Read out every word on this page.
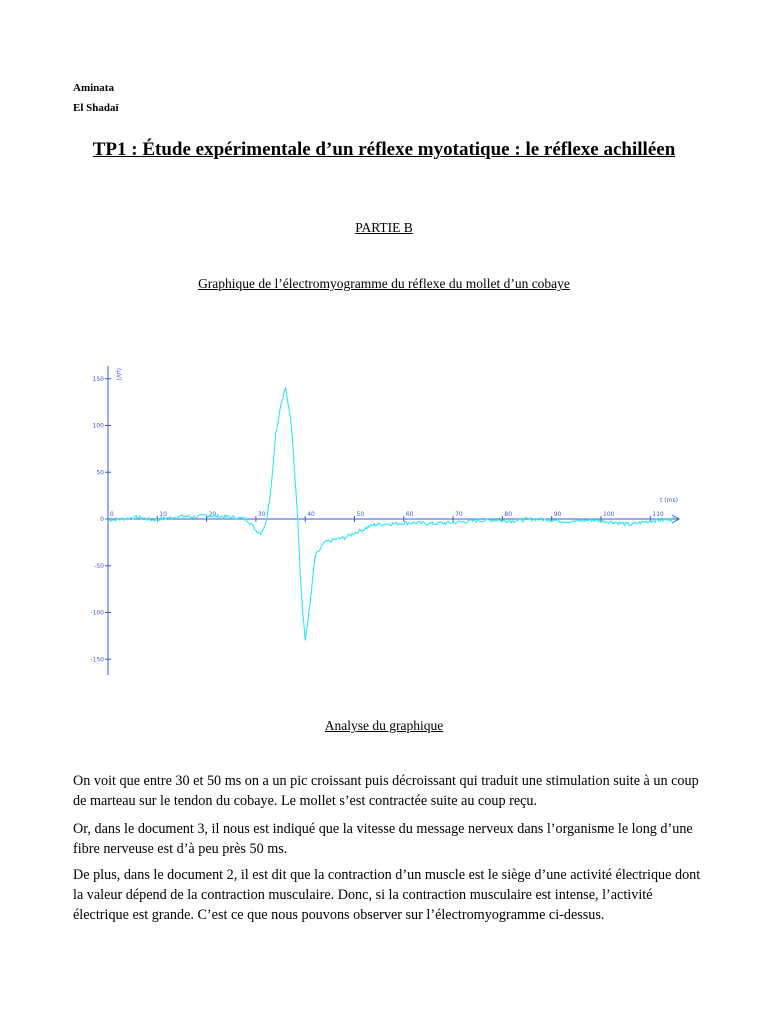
Aminata
El Shadaï
TP1 : Étude expérimentale d’un réflexe myotatique : le réflexe achilléen
PARTIE B
Graphique de l’électromyogramme du réflexe du mollet d’un cobaye
150
100
50
0
-50
-100
-150
0	10	20	30	40	50	60	70	80	90	100	110
t (ms)
(µV)
Analyse du graphique
On voit que entre 30 et 50 ms on a un pic croissant puis décroissant qui traduit une stimulation suite à un coup de marteau sur le tendon du cobaye. Le mollet s’est contractée suite au coup reçu.
Or, dans le document 3, il nous est indiqué que la vitesse du message nerveux dans l’organisme le long d’une fibre nerveuse est d’à peu près 50 ms.
De plus, dans le document 2, il est dit que la contraction d’un muscle est le siège d’une activité électrique dont la valeur dépend de la contraction musculaire. Donc, si la contraction musculaire est intense, l’activité électrique est grande. C’est ce que nous pouvons observer sur l’électromyogramme ci-dessus.
